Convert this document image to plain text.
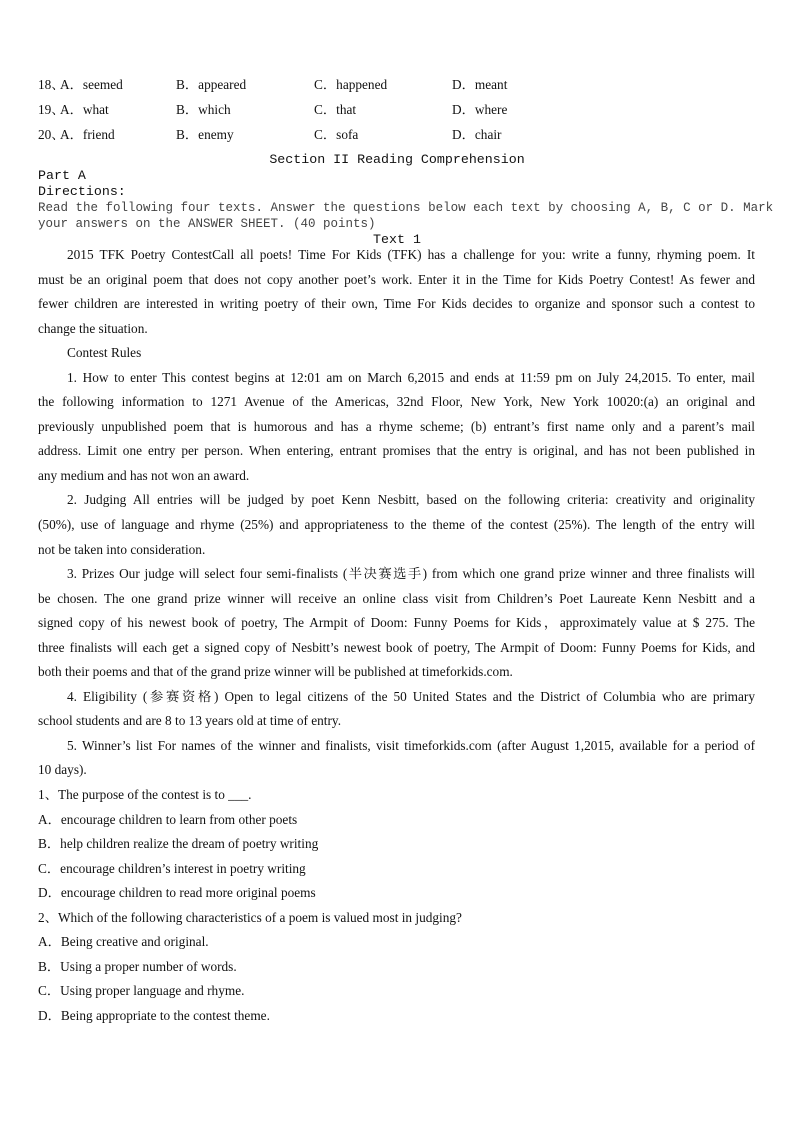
18、
A．seemed	B．appeared	C．happened	D．meant
19、
A．what	B．which	C．that	D．where
20、
A．friend	B．enemy	C．sofa	D．chair
Section II Reading Comprehension
Part A
Directions:
Read the following four texts. Answer the questions below each text by choosing A, B, C or D. Mark
your answers on the ANSWER SHEET. (40 points)
Text 1
2015 TFK Poetry ContestCall all poets! Time For Kids (TFK) has a challenge for you: write a funny, rhyming poem. It
must be an original poem that does not copy another poet’s work. Enter it in the Time for Kids Poetry Contest! As fewer and
fewer children are interested in writing poetry of their own, Time For Kids decides to organize and sponsor such a contest to
change the situation.
Contest Rules
1. How to enter This contest begins at 12:01 am on March 6,2015 and ends at 11:59 pm on July 24,2015. To enter, mail
the following information to 1271 Avenue of the Americas, 32nd Floor, New York, New York 10020:(a) an original and
previously unpublished poem that is humorous and has a rhyme scheme; (b) entrant’s first name only and a parent’s mail
address. Limit one entry per person. When entering, entrant promises that the entry is original, and has not been published in
any medium and has not won an award.
2. Judging All entries will be judged by poet Kenn Nesbitt, based on the following criteria: creativity and originality
(50%), use of language and rhyme (25%) and appropriateness to the theme of the contest (25%). The length of the entry will
not be taken into consideration.
3. Prizes Our judge will select four semi-finalists (半决赛选手) from which one grand prize winner and three finalists will
be chosen. The one grand prize winner will receive an online class visit from Children’s Poet Laureate Kenn Nesbitt and a
signed copy of his newest book of poetry, The Armpit of Doom: Funny Poems for Kids，approximately value at $ 275. The
three finalists will each get a signed copy of Nesbitt’s newest book of poetry, The Armpit of Doom: Funny Poems for Kids, and
both their poems and that of the grand prize winner will be published at timeforkids.com.
4. Eligibility (参赛资格) Open to legal citizens of the 50 United States and the District of Columbia who are primary
school students and are 8 to 13 years old at time of entry.
5. Winner’s list For names of the winner and finalists, visit timeforkids.com (after August 1,2015, available for a period of
10 days).
1、The purpose of the contest is to ___.
A．encourage children to learn from other poets
B．help children realize the dream of poetry writing
C．encourage children’s interest in poetry writing
D．encourage children to read more original poems
2、Which of the following characteristics of a poem is valued most in judging?
A．Being creative and original.
B．Using a proper number of words.
C．Using proper language and rhyme.
D．Being appropriate to the contest theme.
